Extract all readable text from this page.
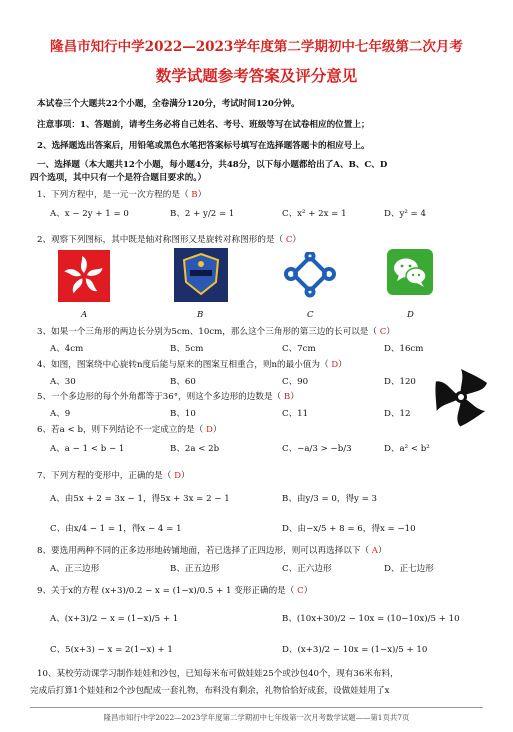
隆昌市知行中学2022—2023学年度第二学期初中七年级第二次月考
数学试题参考答案及评分意见
本试卷三个大题共22个小题，全卷满分120分，考试时间120分钟。
注意事项：1、答题前，请考生务必将自己姓名、考号、班级等写在试卷相应的位置上；
2、选择题选出答案后，用铅笔或黑色水笔把答案标号填写在选择题答题卡的相应号上。
一、选择题（本大题共12个小题，每小题4分，共48分，以下每小题都给出了A、B、C、D
四个选项，其中只有一个是符合题目要求的。）
1、下列方程中，是一元一次方程的是（ B）
A、x − 2y + 1 = 0	B、2 + y/2 = 1	C、x² + 2x = 1	D、y² = 4
2、观察下列图标，其中既是轴对称图形又是旋转对称图形的是（ C）
A	B	C	D
3、如果一个三角形的两边长分别为5cm、10cm，那么这个三角形的第三边的长可以是（ C）
A、4cm	B、5cm	C、7cm	D、16cm
4、如图，图案绕中心旋转n度后能与原来的图案互相重合，则n的最小值为（ D）
A、30	B、60	C、90	D、120
5、一个多边形的每个外角都等于36°，则这个多边形的边数是（ B）
A、9	B、10	C、11	D、12
6、若a < b，则下列结论不一定成立的是（ D）
A、a − 1 < b − 1	B、2a < 2b	C、−a/3 > −b/3	D、a² < b²
7、下列方程的变形中，正确的是（ D）
A、由5x + 2 = 3x − 1，得5x + 3x = 2 − 1	B、由y/3 = 0，得y = 3
C、由x/4 − 1 = 1，得x − 4 = 1	D、由−x/5 + 8 = 6，得x = −10
8、要选用两种不同的正多边形地砖铺地面，若已选择了正四边形，则可以再选择以下（ A）
A、正三边形	B、正五边形	C、正六边形	D、正七边形
9、关于x的方程 (x+3)/0.2 − x = (1−x)/0.5 + 1 变形正确的是（ C）
A、(x+3)/2 − x = (1−x)/5 + 1	B、(10x+30)/2 − 10x = (10−10x)/5 + 10
C、5(x+3) − x = 2(1−x) + 1	D、(x+3)/2 − 10x = (1−x)/5 + 10
10、某校劳动课学习制作娃娃和沙包，已知每米布可做娃娃25个或沙包40个，现有36米布料，
完成后打算1个娃娃和2个沙包配成一套礼物，布料没有剩余，礼物恰恰好成套，设做娃娃用了x
隆昌市知行中学2022—2023学年度第二学期初中七年级第一次月考数学试题——第1页共7页
